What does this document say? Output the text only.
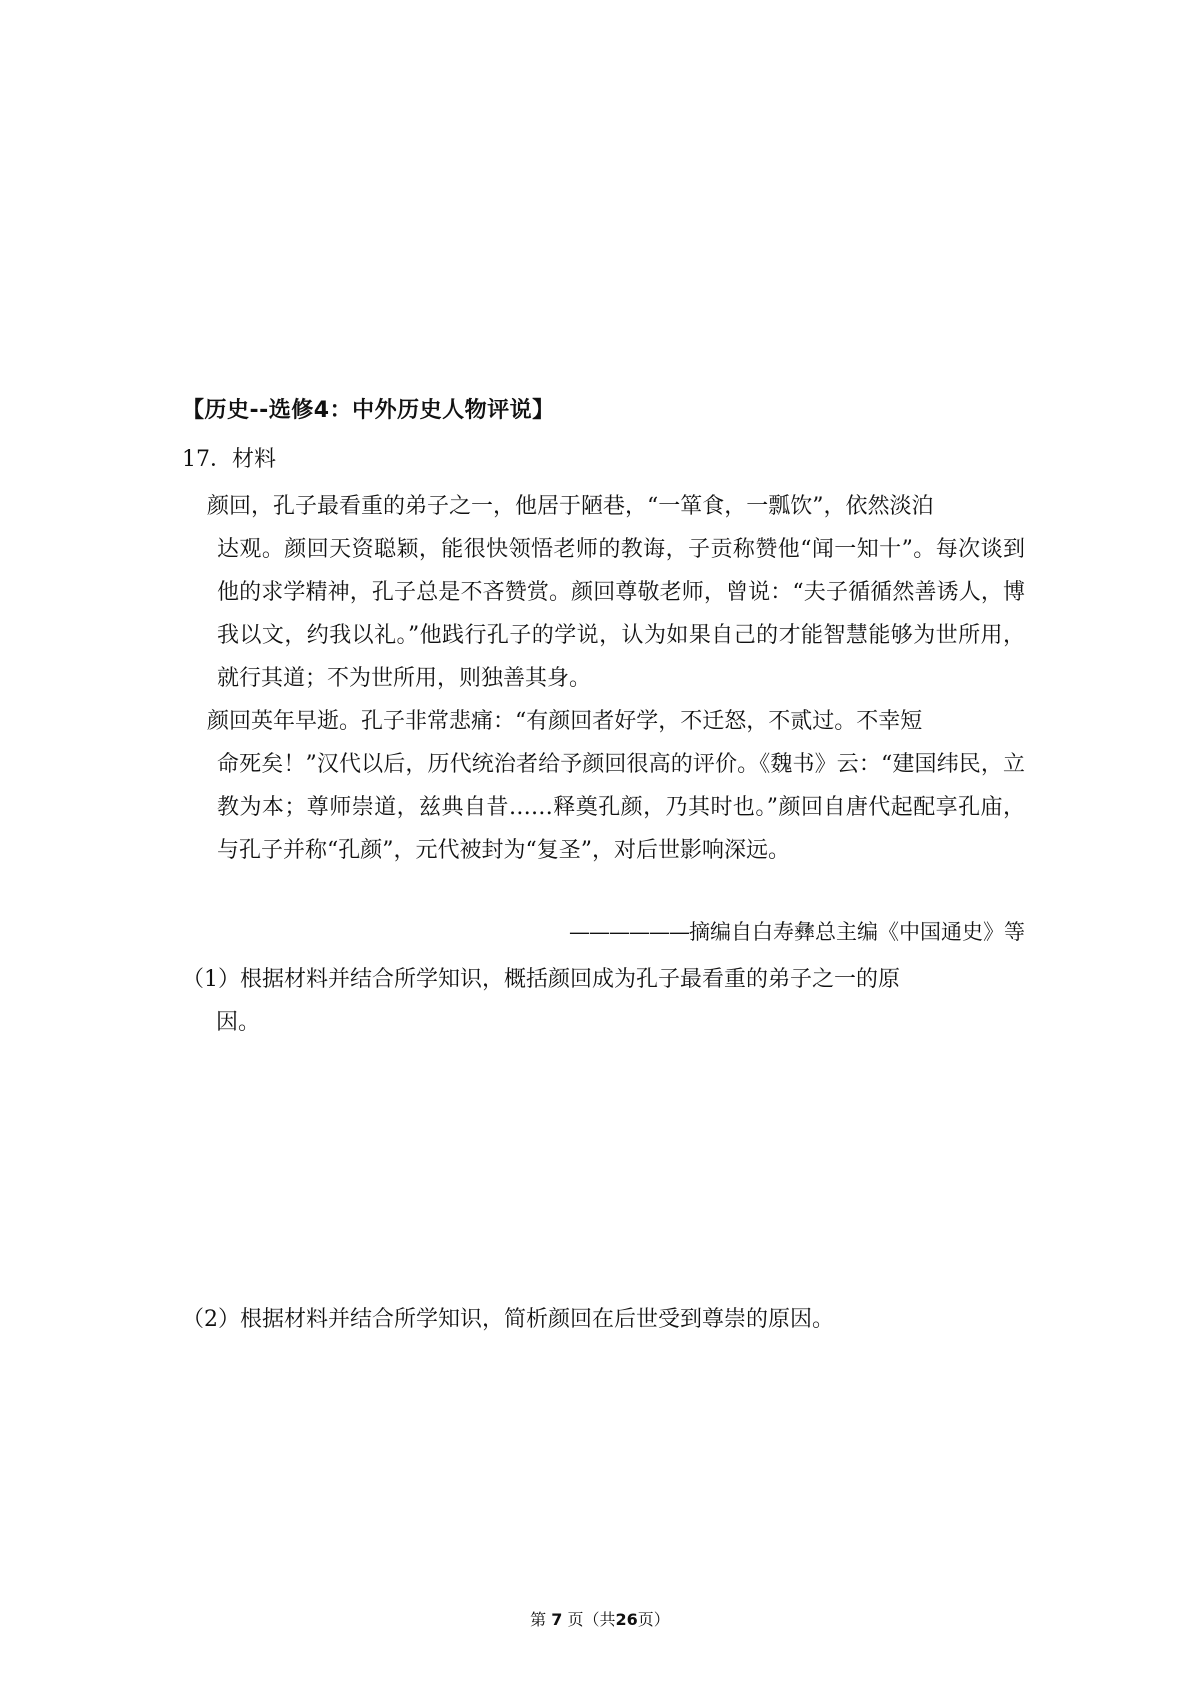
【历史--选修4：中外历史人物评说】
17．材料

颜回，孔子最看重的弟子之一，他居于陋巷，“一箪食，一瓢饮”，依然淡泊
达观。颜回天资聪颖，能很快领悟老师的教诲，子贡称赞他“闻一知十”。每次谈到他的求学精神，孔子总是不吝赞赏。颜回尊敬老师，曾说：“夫子循循然善诱人，博我以文，约我以礼。”他践行孔子的学说，认为如果自己的才能智慧能够为世所用，就行其道；不为世所用，则独善其身。

颜回英年早逝。孔子非常悲痛：“有颜回者好学，不迁怒，不贰过。不幸短
命死矣！”汉代以后，历代统治者给予颜回很高的评价。《魏书》云：“建国纬民，立教为本；尊师崇道，兹典自昔……释奠孔颜，乃其时也。”颜回自唐代起配享孔庙，与孔子并称“孔颜”，元代被封为“复圣”，对后世影响深远。

——————摘编自白寿彝总主编《中国通史》等
（1）根据材料并结合所学知识，概括颜回成为孔子最看重的弟子之一的原
因。
（2）根据材料并结合所学知识，简析颜回在后世受到尊崇的原因。
第 7 页（共26页）
